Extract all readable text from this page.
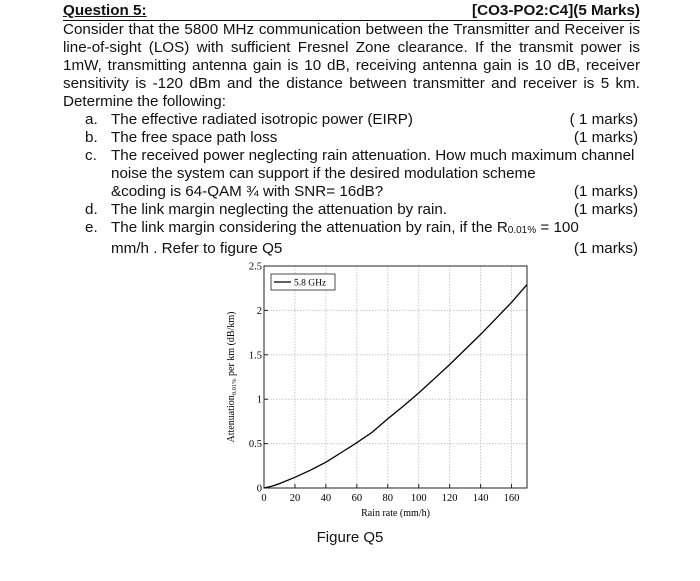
Question 5:	[CO3-PO2:C4](5 Marks)

Consider that the 5800 MHz communication between the Transmitter and Receiver is line-of-sight (LOS) with sufficient Fresnel Zone clearance. If the transmit power is 1mW, transmitting antenna gain is 10 dB, receiving antenna gain is 10 dB, receiver sensitivity is -120 dBm and the distance between transmitter and receiver is 5 km. Determine the following:

a. The effective radiated isotropic power (EIRP)	( 1 marks)
b. The free space path loss	(1 marks)
c. The received power neglecting rain attenuation. How much maximum channel noise the system can support if the desired modulation scheme
&coding is 64-QAM ¾ with SNR= 16dB?	(1 marks)
d. The link margin neglecting the attenuation by rain.	(1 marks)
e. The link margin considering the attenuation by rain, if the $R_{0.01\%} = 100$
mm/h . Refer to figure Q5	(1 marks)
0 20 40 60 80 100 120 140 160
0
0.5
1
1.5
2
2.5
Rain rate (mm/h)
Attenuation$_{0.01\%}$ per km (dB/km)
5.8 GHz
Figure Q5
